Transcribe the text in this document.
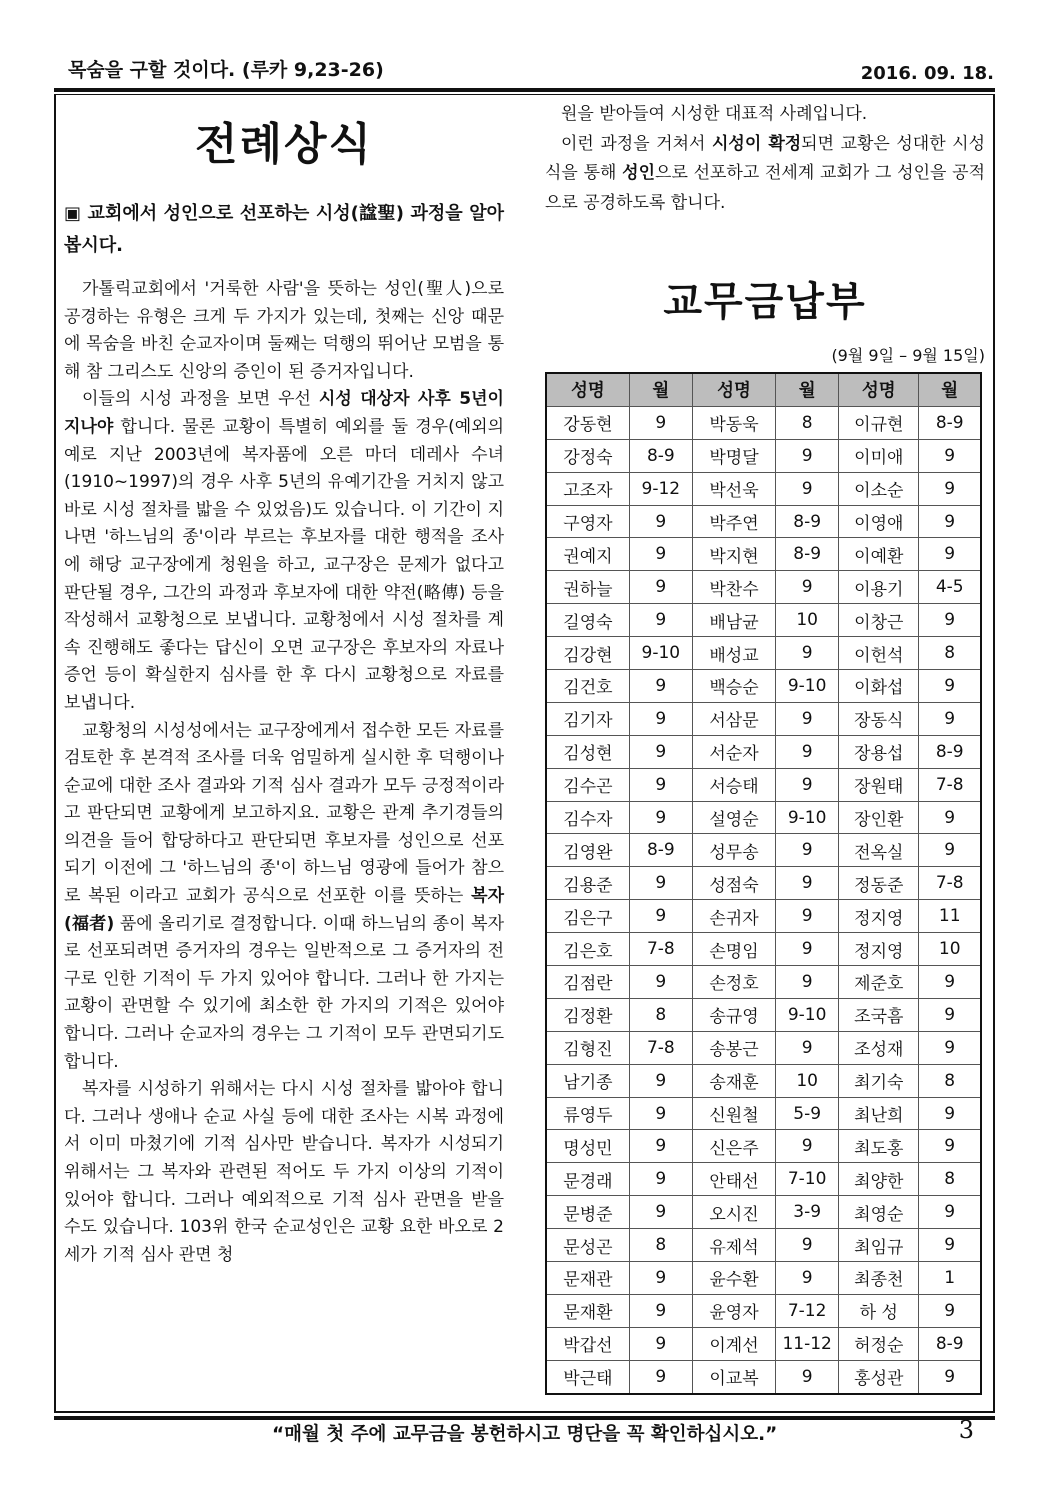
목숨을 구할 것이다. (루카 9,23-26)	2016. 09. 18.
전례상식
▣ 교회에서 성인으로 선포하는 시성(諡聖) 과정을 알아봅시다.

가톨릭교회에서 '거룩한 사람'을 뜻하는 성인(聖人)으로 공경하는 유형은 크게 두 가지가 있는데, 첫째는 신앙 때문에 목숨을 바친 순교자이며 둘째는 덕행의 뛰어난 모범을 통해 참 그리스도 신앙의 증인이 된 증거자입니다.

이들의 시성 과정을 보면 우선 시성 대상자 사후 5년이 지나야 합니다. 물론 교황이 특별히 예외를 둘 경우(예외의 예로 지난 2003년에 복자품에 오른 마더 데레사 수녀(1910~1997)의 경우 사후 5년의 유예기간을 거치지 않고 바로 시성 절차를 밟을 수 있었음)도 있습니다. 이 기간이 지나면 '하느님의 종'이라 부르는 후보자를 대한 행적을 조사에 해당 교구장에게 청원을 하고, 교구장은 문제가 없다고 판단될 경우, 그간의 과정과 후보자에 대한 약전(略傳) 등을 작성해서 교황청으로 보냅니다. 교황청에서 시성 절차를 계속 진행해도 좋다는 답신이 오면 교구장은 후보자의 자료나 증언 등이 확실한지 심사를 한 후 다시 교황청으로 자료를 보냅니다.

교황청의 시성성에서는 교구장에게서 접수한 모든 자료를 검토한 후 본격적 조사를 더욱 엄밀하게 실시한 후 덕행이나 순교에 대한 조사 결과와 기적 심사 결과가 모두 긍정적이라고 판단되면 교황에게 보고하지요. 교황은 관계 추기경들의 의견을 들어 합당하다고 판단되면 후보자를 성인으로 선포되기 이전에 그 '하느님의 종'이 하느님 영광에 들어가 참으로 복된 이라고 교회가 공식으로 선포한 이를 뜻하는 복자(福者) 품에 올리기로 결정합니다. 이때 하느님의 종이 복자로 선포되려면 증거자의 경우는 일반적으로 그 증거자의 전구로 인한 기적이 두 가지 있어야 합니다. 그러나 한 가지는 교황이 관면할 수 있기에 최소한 한 가지의 기적은 있어야 합니다. 그러나 순교자의 경우는 그 기적이 모두 관면되기도 합니다.

복자를 시성하기 위해서는 다시 시성 절차를 밟아야 합니다. 그러나 생애나 순교 사실 등에 대한 조사는 시복 과정에서 이미 마쳤기에 기적 심사만 받습니다. 복자가 시성되기 위해서는 그 복자와 관련된 적어도 두 가지 이상의 기적이 있어야 합니다. 그러나 예외적으로 기적 심사 관면을 받을 수도 있습니다. 103위 한국 순교성인은 교황 요한 바오로 2세가 기적 심사 관면 청

원을 받아들여 시성한 대표적 사례입니다.

이런 과정을 거쳐서 시성이 확정되면 교황은 성대한 시성식을 통해 성인으로 선포하고 전세계 교회가 그 성인을 공적으로 공경하도록 합니다.

교무금납부
(9월 9일 – 9월 15일)
성명	월	성명	월	성명	월
강동현	9	박동욱	8	이규현	8-9
강정숙	8-9	박명달	9	이미애	9
고조자	9-12	박선욱	9	이소순	9
구영자	9	박주연	8-9	이영애	9
권예지	9	박지현	8-9	이예환	9
권하늘	9	박찬수	9	이용기	4-5
길영숙	9	배남균	10	이창근	9
김강현	9-10	배성교	9	이헌석	8
김건호	9	백승순	9-10	이화섭	9
김기자	9	서삼문	9	장동식	9
김성현	9	서순자	9	장용섭	8-9
김수곤	9	서승태	9	장원태	7-8
김수자	9	설영순	9-10	장인환	9
김영완	8-9	성무송	9	전옥실	9
김용준	9	성점숙	9	정동준	7-8
김은구	9	손귀자	9	정지영	11
김은호	7-8	손명임	9	정지영	10
김점란	9	손정호	9	제준호	9
김정환	8	송규영	9-10	조국흠	9
김형진	7-8	송봉근	9	조성재	9
남기종	9	송재훈	10	최기숙	8
류영두	9	신원철	5-9	최난희	9
명성민	9	신은주	9	최도홍	9
문경래	9	안태선	7-10	최양한	8
문병준	9	오시진	3-9	최영순	9
문성곤	8	유제석	9	최임규	9
문재관	9	윤수환	9	최종천	1
문재환	9	윤영자	7-12	하 성	9
박갑선	9	이계선	11-12	허정순	8-9
박근태	9	이교복	9	홍성관	9
“매월 첫 주에 교무금을 봉헌하시고 명단을 꼭 확인하십시오.”	3
